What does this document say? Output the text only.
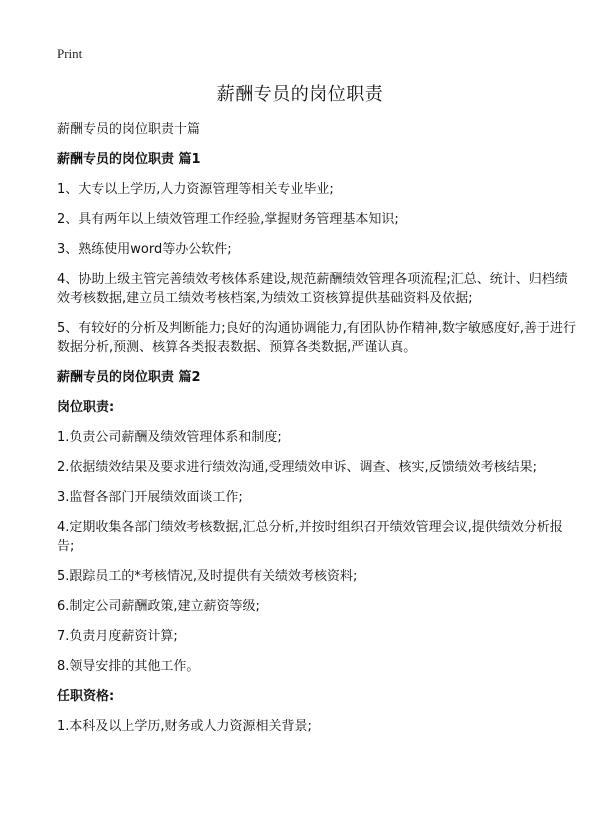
Print
薪酬专员的岗位职责

薪酬专员的岗位职责十篇

薪酬专员的岗位职责 篇1

1、大专以上学历,人力资源管理等相关专业毕业;

2、具有两年以上绩效管理工作经验,掌握财务管理基本知识;

3、熟练使用word等办公软件;

4、协助上级主管完善绩效考核体系建设,规范薪酬绩效管理各项流程;汇总、统计、归档绩效考核数据,建立员工绩效考核档案,为绩效工资核算提供基础资料及依据;

5、有较好的分析及判断能力;良好的沟通协调能力,有团队协作精神,数字敏感度好,善于进行数据分析,预测、核算各类报表数据、预算各类数据,严谨认真。

薪酬专员的岗位职责 篇2

岗位职责:

1.负责公司薪酬及绩效管理体系和制度;

2.依据绩效结果及要求进行绩效沟通,受理绩效申诉、调查、核实,反馈绩效考核结果;

3.监督各部门开展绩效面谈工作;

4.定期收集各部门绩效考核数据,汇总分析,并按时组织召开绩效管理会议,提供绩效分析报告;

5.跟踪员工的*考核情况,及时提供有关绩效考核资料;

6.制定公司薪酬政策,建立薪资等级;

7.负责月度薪资计算;

8.领导安排的其他工作。

任职资格:

1.本科及以上学历,财务或人力资源相关背景;
